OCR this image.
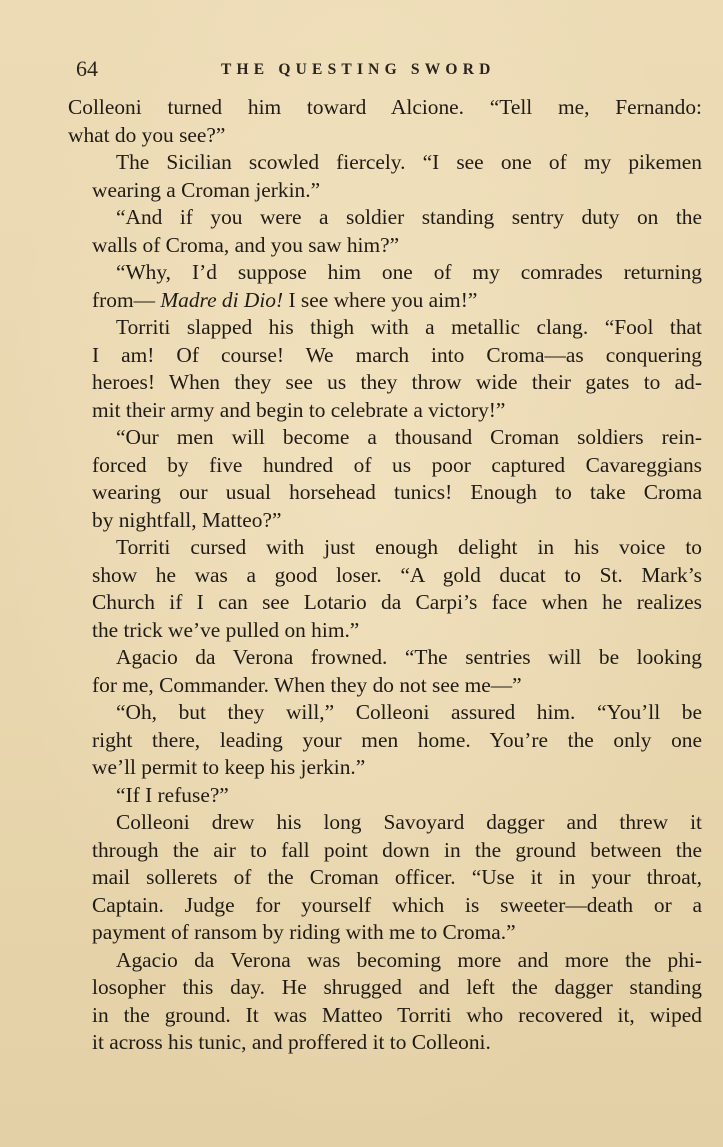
64	THE QUESTING SWORD
Colleoni turned him toward Alcione. “Tell me, Fernando:
what do you see?”
The Sicilian scowled fiercely. “I see one of my pikemen
wearing a Croman jerkin.”
“And if you were a soldier standing sentry duty on the
walls of Croma, and you saw him?”
“Why, I’d suppose him one of my comrades returning
from— Madre di Dio! I see where you aim!”
Torriti slapped his thigh with a metallic clang. “Fool that
I am! Of course! We march into Croma—as conquering
heroes! When they see us they throw wide their gates to ad-
mit their army and begin to celebrate a victory!”
“Our men will become a thousand Croman soldiers rein-
forced by five hundred of us poor captured Cavareggians
wearing our usual horsehead tunics! Enough to take Croma
by nightfall, Matteo?”
Torriti cursed with just enough delight in his voice to
show he was a good loser. “A gold ducat to St. Mark’s
Church if I can see Lotario da Carpi’s face when he realizes
the trick we’ve pulled on him.”
Agacio da Verona frowned. “The sentries will be looking
for me, Commander. When they do not see me—”
“Oh, but they will,” Colleoni assured him. “You’ll be
right there, leading your men home. You’re the only one
we’ll permit to keep his jerkin.”
“If I refuse?”
Colleoni drew his long Savoyard dagger and threw it
through the air to fall point down in the ground between the
mail sollerets of the Croman officer. “Use it in your throat,
Captain. Judge for yourself which is sweeter—death or a
payment of ransom by riding with me to Croma.”
Agacio da Verona was becoming more and more the phi-
losopher this day. He shrugged and left the dagger standing
in the ground. It was Matteo Torriti who recovered it, wiped
it across his tunic, and proffered it to Colleoni.
